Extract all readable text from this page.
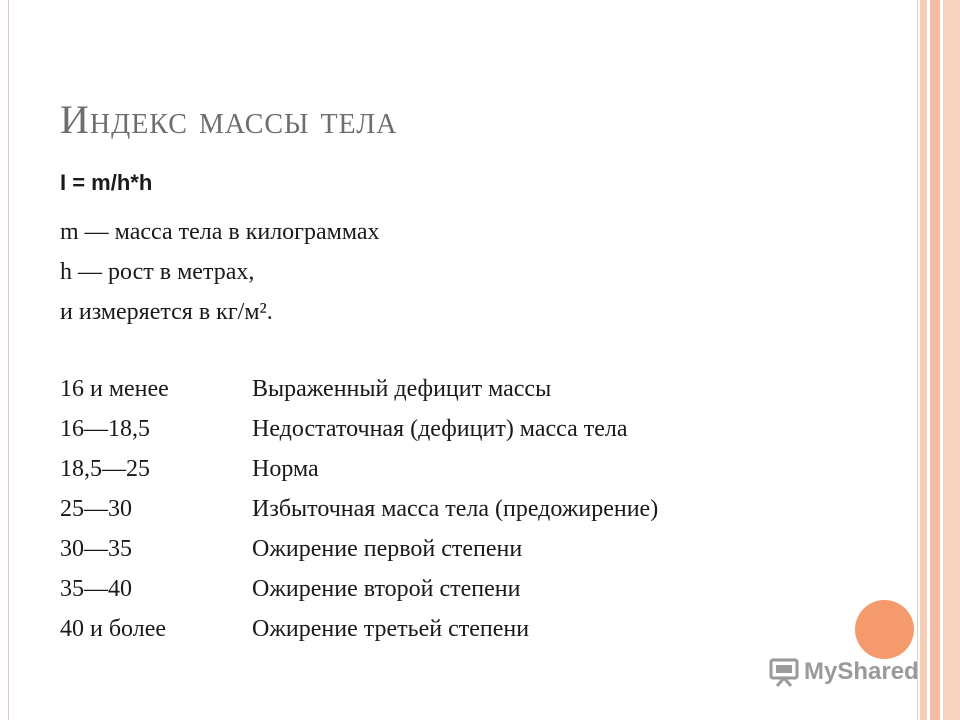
Индекс массы тела
I = m/h*h
m — масса тела в килограммах
h — рост в метрах,
и измеряется в кг/м².
16 и менее	Выраженный дефицит массы
16—18,5	Недостаточная (дефицит) масса тела
18,5—25	Норма
25—30	Избыточная масса тела (предожирение)
30—35	Ожирение первой степени
35—40	Ожирение второй степени
40 и более	Ожирение третьей степени
MyShared
